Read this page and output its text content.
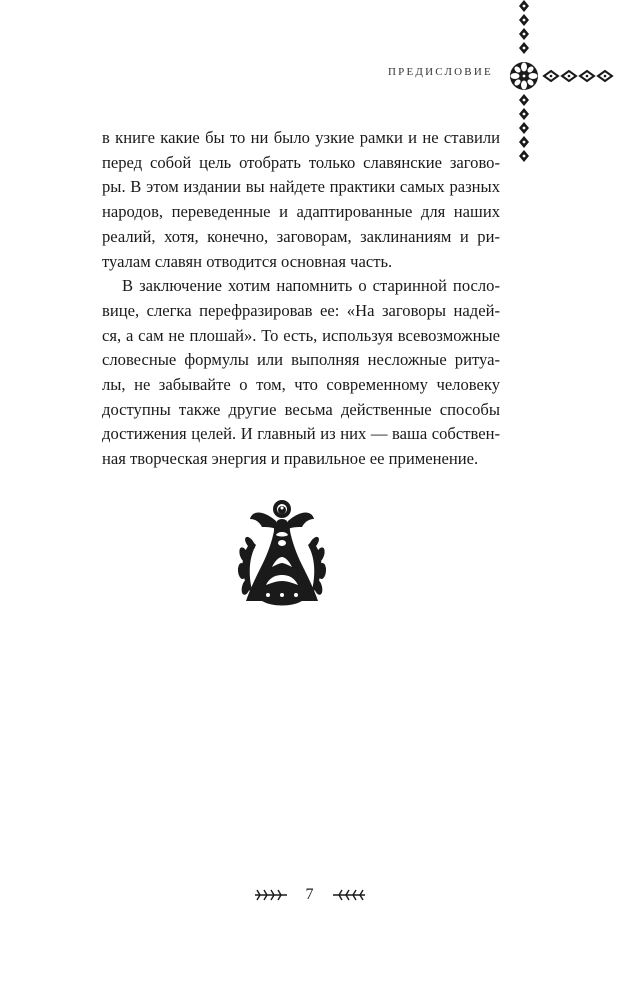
ПРЕДИСЛОВИЕ

в книге какие бы то ни было узкие рамки и не ставили
перед собой цель отобрать только славянские загово-
ры. В этом издании вы найдете практики самых разных
народов, переведенные и адаптированные для наших
реалий, хотя, конечно, заговорам, заклинаниям и ри-
туалам славян отводится основная часть.

В заключение хотим напомнить о старинной посло-
вице, слегка перефразировав ее: «На заговоры надей-
ся, а сам не плошай». То есть, используя всевозможные
словесные формулы или выполняя несложные ритуа-
лы, не забывайте о том, что современному человеку
доступны также другие весьма действенные способы
достижения целей. И главный из них — ваша собствен-
ная творческая энергия и правильное ее применение.

7
